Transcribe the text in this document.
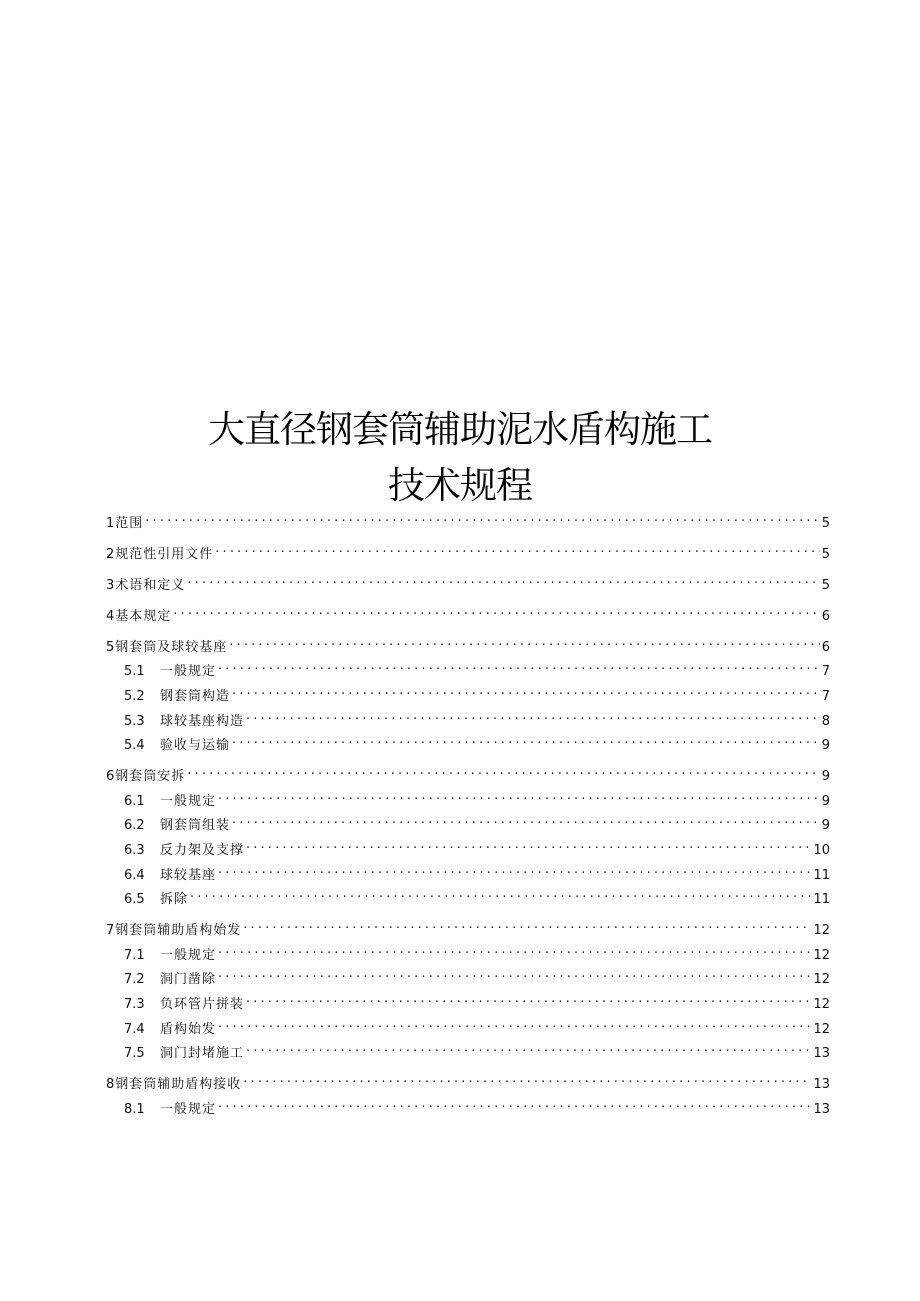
大直径钢套筒辅助泥水盾构施工
技术规程
1 范围 . . .	5
2 规范性引用文件 . . .	5
3 术语和定义 . . .	5
4 基本规定 . . .	6
5 钢套筒及球较基座 . . .	6
5.1	一般规定 . . .	7
5.2	钢套筒构造 . . .	7
5.3	球较基座构造 . . .	8
5.4	验收与运输 . . .	9
6 钢套筒安拆 . . .	9
6.1	一般规定 . . .	9
6.2	钢套筒组装 . . .	9
6.3	反力架及支撑 . . .	10
6.4	球较基座 . . .	11
6.5	拆除 . . .	11
7 钢套筒辅助盾构始发 . . .	12
7.1	一般规定 . . .	12
7.2	洞门凿除 . . .	12
7.3	负环管片拼装 . . .	12
7.4	盾构始发 . . .	12
7.5	洞门封堵施工 . . .	13
8 钢套筒辅助盾构接收 . . .	13
8.1	一般规定 . . .	13
